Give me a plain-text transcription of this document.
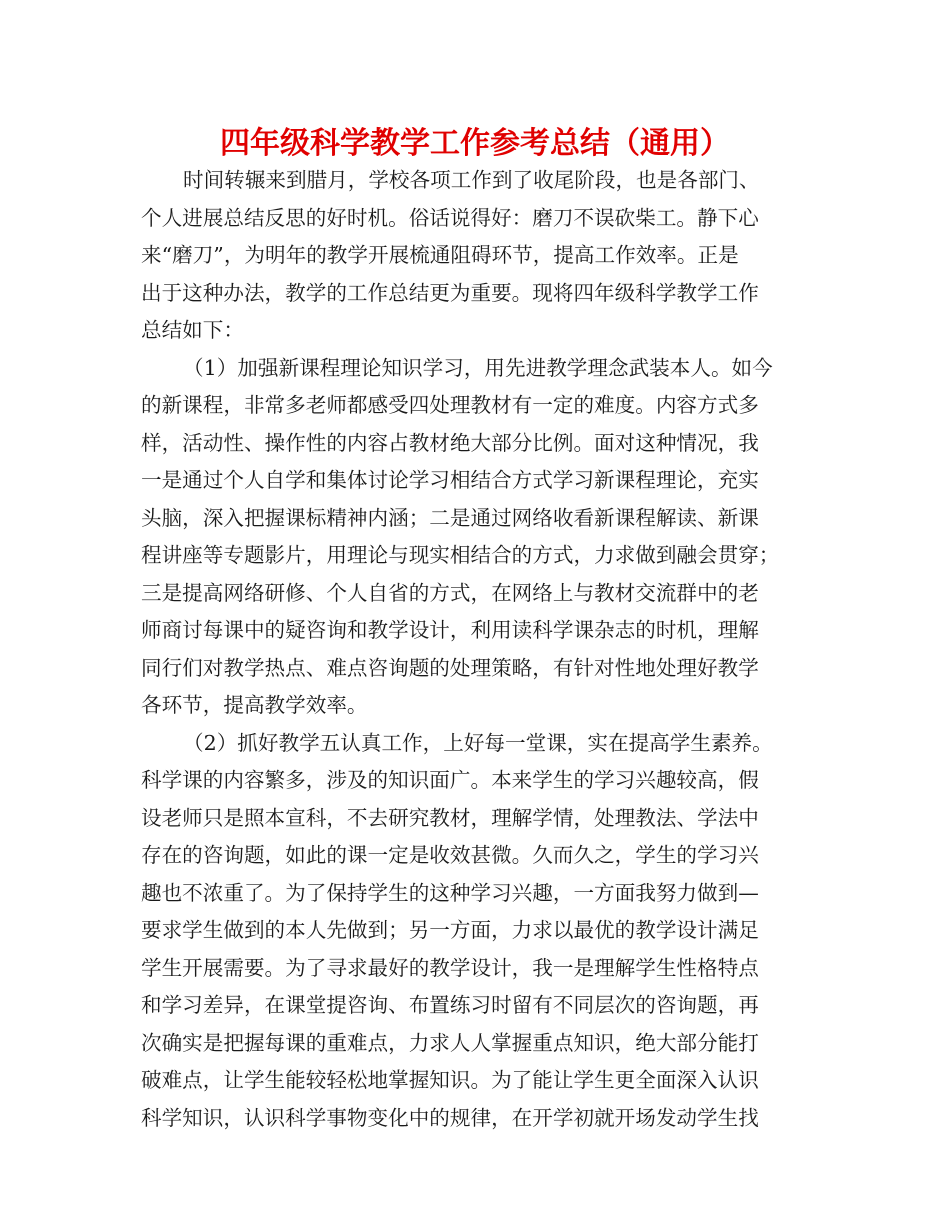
四年级科学教学工作参考总结（通用）
时间转辗来到腊月，学校各项工作到了收尾阶段，也是各部门、
个人进展总结反思的好时机。俗话说得好：磨刀不误砍柴工。静下心
来“磨刀”，为明年的教学开展梳通阻碍环节，提高工作效率。正是
出于这种办法，教学的工作总结更为重要。现将四年级科学教学工作
总结如下：
（1）加强新课程理论知识学习，用先进教学理念武装本人。如今
的新课程，非常多老师都感受四处理教材有一定的难度。内容方式多
样，活动性、操作性的内容占教材绝大部分比例。面对这种情况，我
一是通过个人自学和集体讨论学习相结合方式学习新课程理论，充实
头脑，深入把握课标精神内涵；二是通过网络收看新课程解读、新课
程讲座等专题影片，用理论与现实相结合的方式，力求做到融会贯穿；
三是提高网络研修、个人自省的方式，在网络上与教材交流群中的老
师商讨每课中的疑咨询和教学设计，利用读科学课杂志的时机，理解
同行们对教学热点、难点咨询题的处理策略，有针对性地处理好教学
各环节，提高教学效率。
（2）抓好教学五认真工作，上好每一堂课，实在提高学生素养。
科学课的内容繁多，涉及的知识面广。本来学生的学习兴趣较高，假
设老师只是照本宣科，不去研究教材，理解学情，处理教法、学法中
存在的咨询题，如此的课一定是收效甚微。久而久之，学生的学习兴
趣也不浓重了。为了保持学生的这种学习兴趣，一方面我努力做到—
要求学生做到的本人先做到；另一方面，力求以最优的教学设计满足
学生开展需要。为了寻求最好的教学设计，我一是理解学生性格特点
和学习差异，在课堂提咨询、布置练习时留有不同层次的咨询题，再
次确实是把握每课的重难点，力求人人掌握重点知识，绝大部分能打
破难点，让学生能较轻松地掌握知识。为了能让学生更全面深入认识
科学知识，认识科学事物变化中的规律，在开学初就开场发动学生找
